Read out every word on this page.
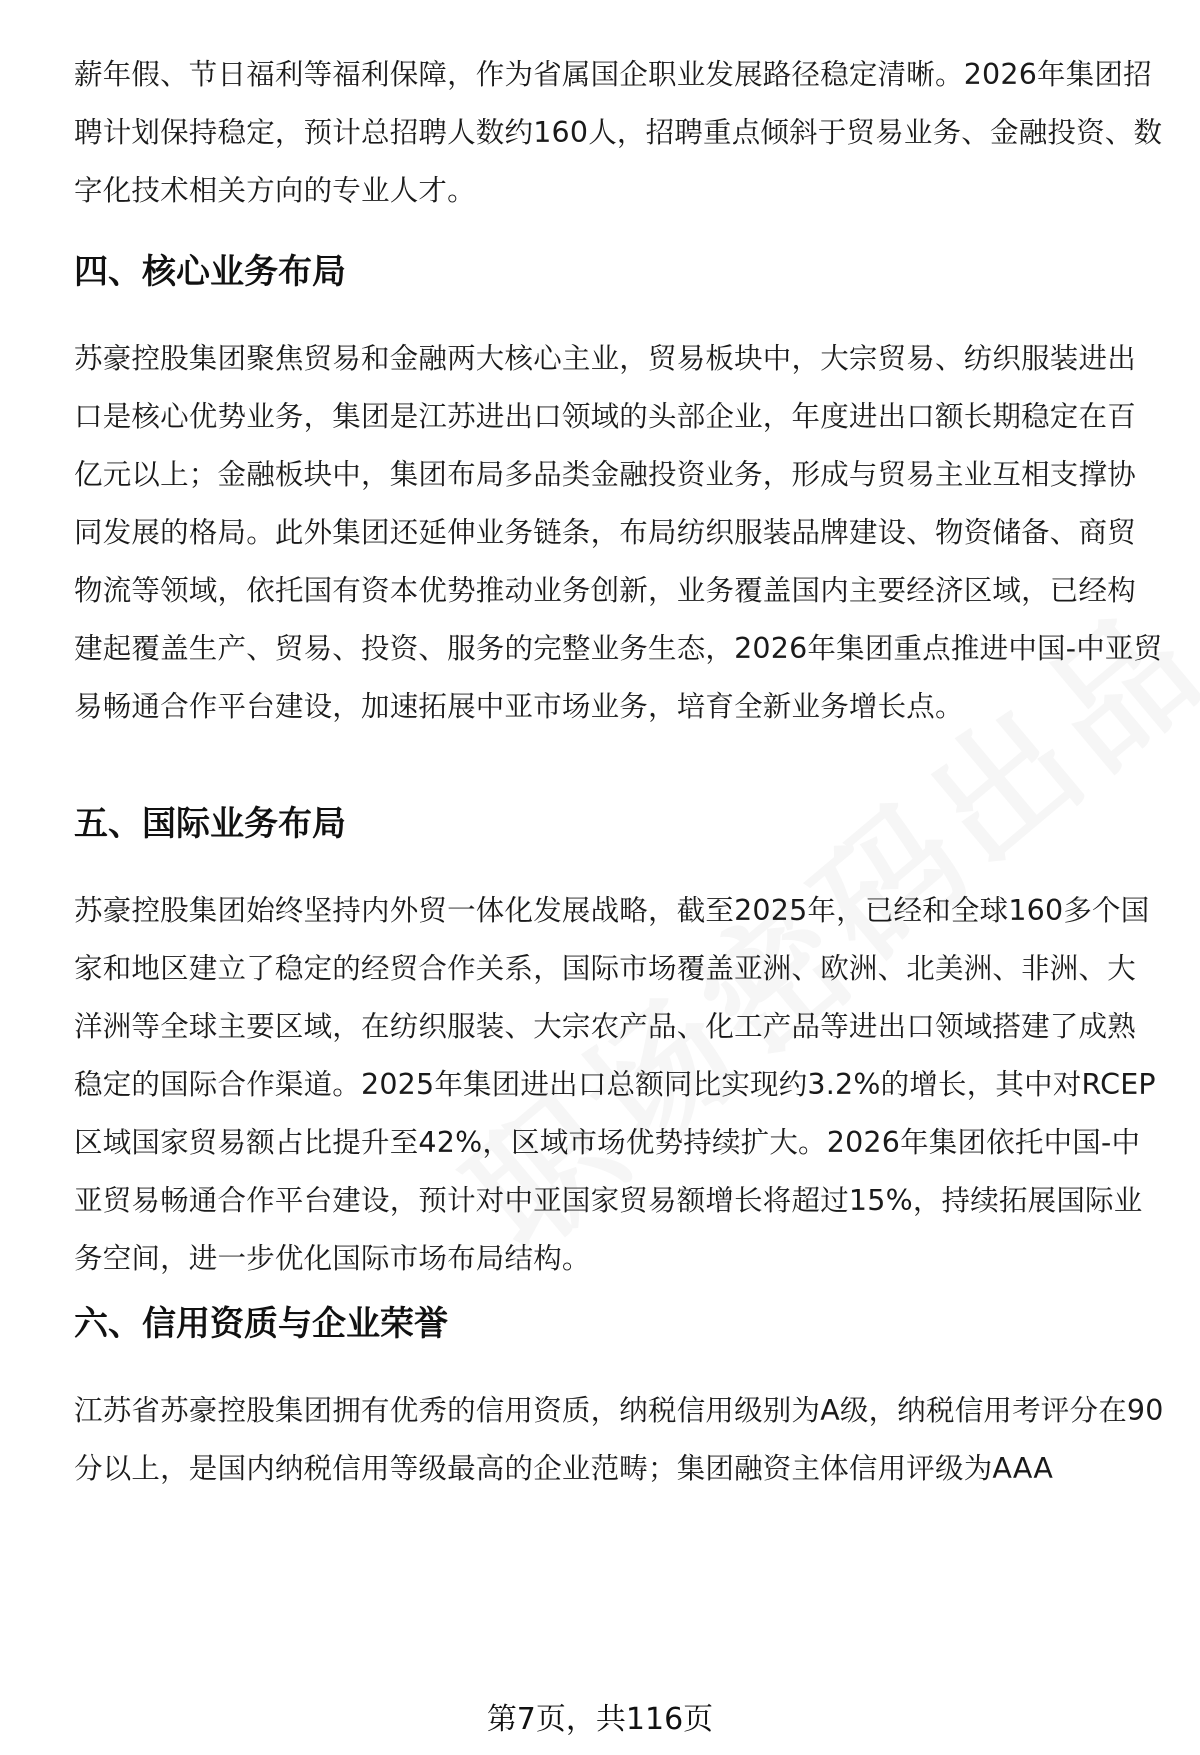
薪年假、节日福利等福利保障，作为省属国企职业发展路径稳定清晰。2026年集团招聘计划保持稳定，预计总招聘人数约160人，招聘重点倾斜于贸易业务、金融投资、数字化技术相关方向的专业人才。

四、核心业务布局

苏豪控股集团聚焦贸易和金融两大核心主业，贸易板块中，大宗贸易、纺织服装进出口是核心优势业务，集团是江苏进出口领域的头部企业，年度进出口额长期稳定在百亿元以上；金融板块中，集团布局多品类金融投资业务，形成与贸易主业互相支撑协同发展的格局。此外集团还延伸业务链条，布局纺织服装品牌建设、物资储备、商贸物流等领域，依托国有资本优势推动业务创新，业务覆盖国内主要经济区域，已经构建起覆盖生产、贸易、投资、服务的完整业务生态，2026年集团重点推进中国-中亚贸易畅通合作平台建设，加速拓展中亚市场业务，培育全新业务增长点。

五、国际业务布局

苏豪控股集团始终坚持内外贸一体化发展战略，截至2025年，已经和全球160多个国家和地区建立了稳定的经贸合作关系，国际市场覆盖亚洲、欧洲、北美洲、非洲、大洋洲等全球主要区域，在纺织服装、大宗农产品、化工产品等进出口领域搭建了成熟稳定的国际合作渠道。2025年集团进出口总额同比实现约3.2%的增长，其中对RCEP区域国家贸易额占比提升至42%，区域市场优势持续扩大。2026年集团依托中国-中亚贸易畅通合作平台建设，预计对中亚国家贸易额增长将超过15%，持续拓展国际业务空间，进一步优化国际市场布局结构。

六、信用资质与企业荣誉

江苏省苏豪控股集团拥有优秀的信用资质，纳税信用级别为A级，纳税信用考评分在90分以上，是国内纳税信用等级最高的企业范畴；集团融资主体信用评级为AAA

第7页，共116页
